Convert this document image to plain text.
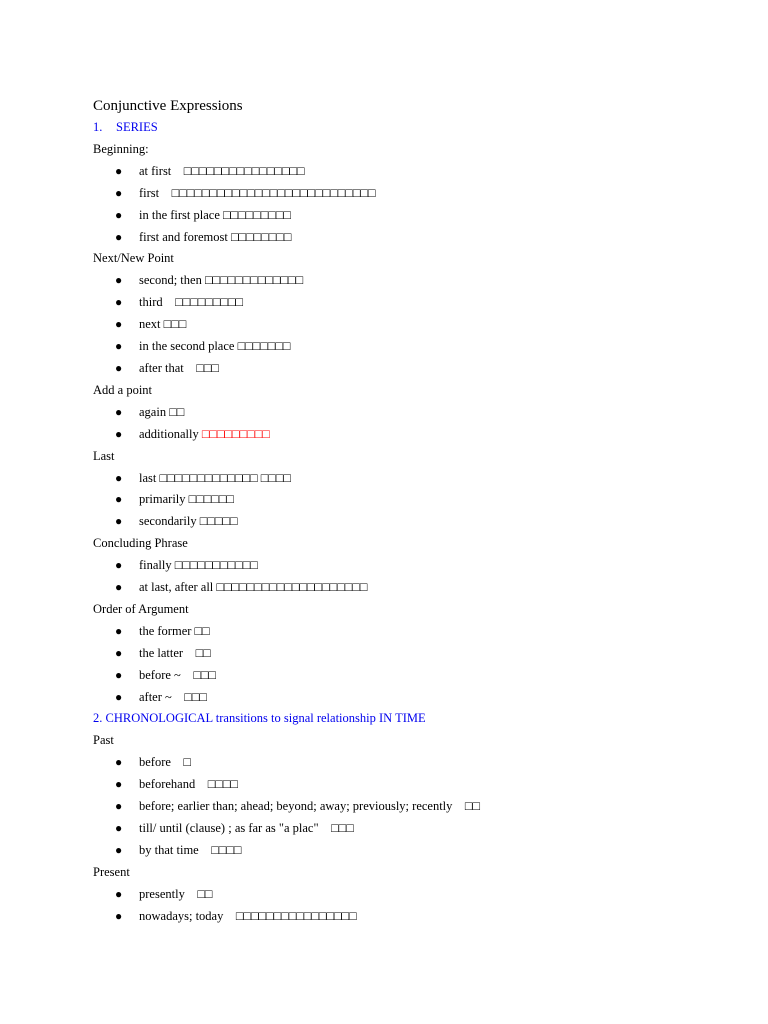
Conjunctive Expressions
1. SERIES
Beginning:
● at first □□□□□□□□□□□□□□□□
● first □□□□□□□□□□□□□□□□□□□□□□□□□□□
● in the first place □□□□□□□□□
● first and foremost □□□□□□□□
Next/New Point
● second; then □□□□□□□□□□□□□
● third □□□□□□□□□
● next □□□
● in the second place □□□□□□□
● after that □□□
Add a point
● again □□
● additionally □□□□□□□□□
Last
● last □□□□□□□□□□□□□ □□□□
● primarily □□□□□□
● secondarily □□□□□
Concluding Phrase
● finally □□□□□□□□□□□
● at last, after all □□□□□□□□□□□□□□□□□□□□
Order of Argument
● the former □□
● the latter □□
● before ~ □□□
● after ~ □□□
2. CHRONOLOGICAL transitions to signal relationship IN TIME
Past
● before □
● beforehand □□□□
● before; earlier than; ahead; beyond; away; previously; recently □□
● till/ until (clause) ; as far as "a plac" □□□
● by that time □□□□
Present
● presently □□
● nowadays; today □□□□□□□□□□□□□□□□
